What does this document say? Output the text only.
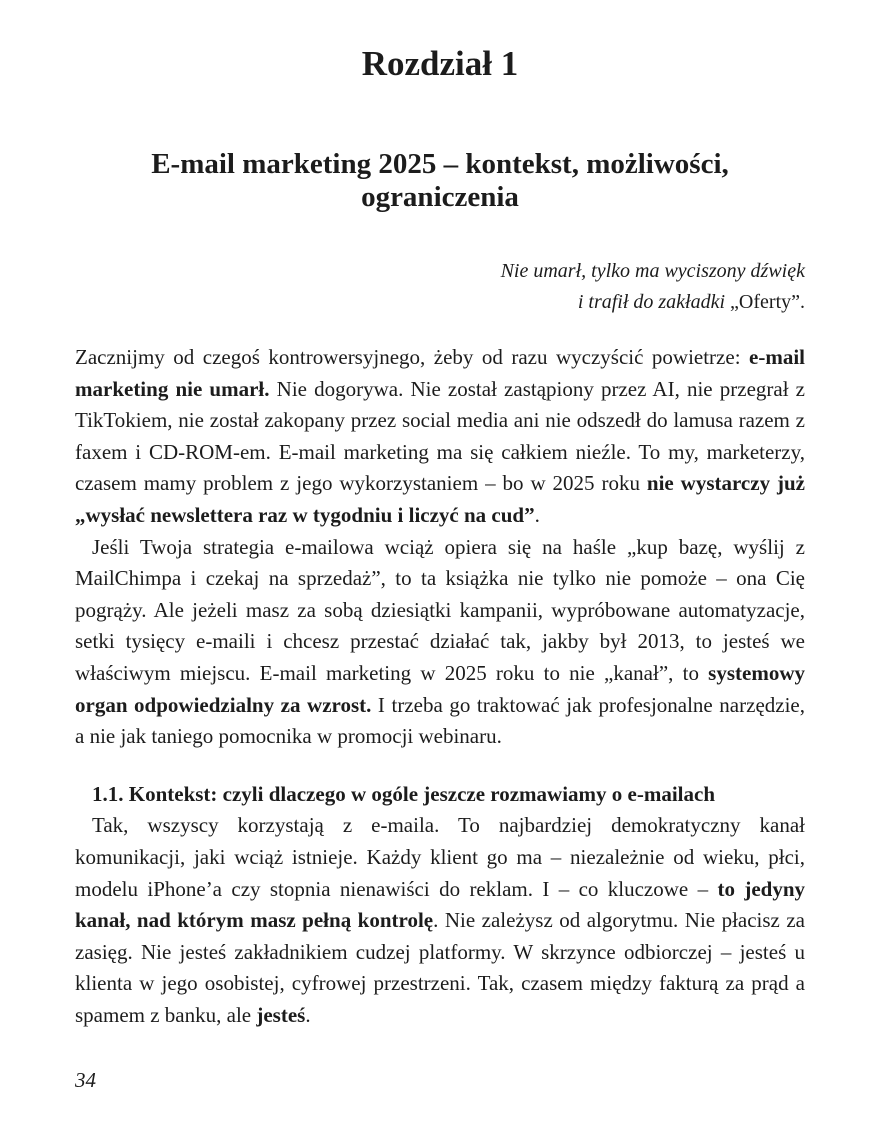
Rozdział 1
E-mail marketing 2025 – kontekst, możliwości, ograniczenia
Nie umarł, tylko ma wyciszony dźwięk
i trafił do zakładki „Oferty”.

Zacznijmy od czegoś kontrowersyjnego, żeby od razu wyczyścić powietrze: e-mail marketing nie umarł. Nie dogorywa. Nie został zastąpiony przez AI, nie przegrał z TikTokiem, nie został zakopany przez social media ani nie odszedł do lamusa razem z faxem i CD-ROM-em. E-mail marketing ma się całkiem nieźle. To my, marketerzy, czasem mamy problem z jego wykorzystaniem – bo w 2025 roku nie wystarczy już „wysłać newslettera raz w tygodniu i liczyć na cud”.

Jeśli Twoja strategia e-mailowa wciąż opiera się na haśle „kup bazę, wyślij z MailChimpa i czekaj na sprzedaż”, to ta książka nie tylko nie pomoże – ona Cię pogrąży. Ale jeżeli masz za sobą dziesiątki kampanii, wypróbowane automatyzacje, setki tysięcy e-maili i chcesz przestać działać tak, jakby był 2013, to jesteś we właściwym miejscu. E-mail marketing w 2025 roku to nie „kanał”, to systemowy organ odpowiedzialny za wzrost. I trzeba go traktować jak profesjonalne narzędzie, a nie jak taniego pomocnika w promocji webinaru.

1.1. Kontekst: czyli dlaczego w ogóle jeszcze rozmawiamy o e-mailach

Tak, wszyscy korzystają z e-maila. To najbardziej demokratyczny kanał komunikacji, jaki wciąż istnieje. Każdy klient go ma – niezależnie od wieku, płci, modelu iPhone’a czy stopnia nienawiści do reklam. I – co kluczowe – to jedyny kanał, nad którym masz pełną kontrolę. Nie zależysz od algorytmu. Nie płacisz za zasięg. Nie jesteś zakładnikiem cudzej platformy. W skrzynce odbiorczej – jesteś u klienta w jego osobistej, cyfrowej przestrzeni. Tak, czasem między fakturą za prąd a spamem z banku, ale jesteś.

34
